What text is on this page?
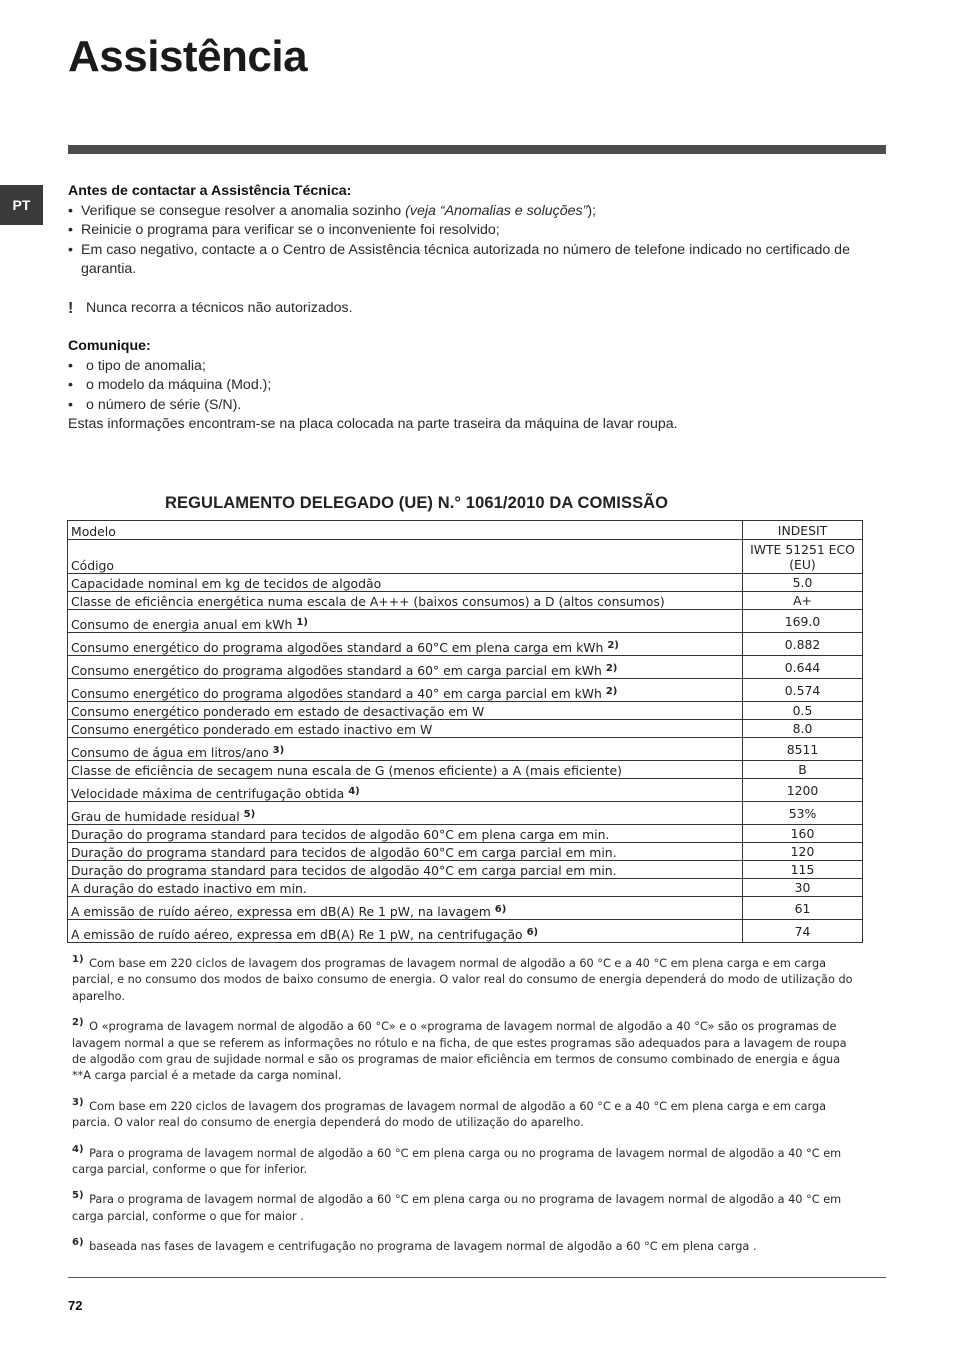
Assistência
PT

Antes de contactar a Assistência Técnica:

• Verifique se consegue resolver a anomalia sozinho (veja “Anomalias e soluções”);
• Reinicie o programa para verificar se o inconveniente foi resolvido;
• Em caso negativo, contacte a o Centro de Assistência técnica autorizada no número de telefone indicado no certificado de garantia.

! Nunca recorra a técnicos não autorizados.

Comunique:

• o tipo de anomalia;
• o modelo da máquina (Mod.);
• o número de série (S/N).

Estas informações encontram-se na placa colocada na parte traseira da máquina de lavar roupa.

REGULAMENTO DELEGADO (UE) N.° 1061/2010 DA COMISSÃO
Modelo	INDESIT
Código	IWTE 51251 ECO (EU)
Capacidade nominal em kg de tecidos de algodão	5.0
Classe de eficiência energética numa escala de A+++ (baixos consumos) a D (altos consumos)	A+
Consumo de energia anual em kWh $^{1)}$	169.0
Consumo energético do programa algodões standard a 60°C em plena carga em kWh $^{2)}$	0.882
Consumo energético do programa algodões standard a 60° em carga parcial em kWh $^{2)}$	0.644
Consumo energético do programa algodões standard a 40° em carga parcial em kWh $^{2)}$	0.574
Consumo energético ponderado em estado de desactivação em W	0.5
Consumo energético ponderado em estado inactivo em W	8.0
Consumo de água em litros/ano $^{3)}$	8511
Classe de eficiência de secagem nuna escala de G (menos eficiente) a A (mais eficiente)	B
Velocidade máxima de centrifugação obtida $^{4)}$	1200
Grau de humidade residual $^{5)}$	53%
Duração do programa standard para tecidos de algodão 60°C em plena carga em min.	160
Duração do programa standard para tecidos de algodão 60°C em carga parcial em min.	120
Duração do programa standard para tecidos de algodão 40°C em carga parcial em min.	115
A duração do estado inactivo em min.	30
A emissão de ruído aéreo, expressa em dB(A) Re 1 pW, na lavagem $^{6)}$	61
A emissão de ruído aéreo, expressa em dB(A) Re 1 pW, na centrifugação $^{6)}$	74

$^{1)}$ Com base em 220 ciclos de lavagem dos programas de lavagem normal de algodão a 60 °C e a 40 °C em plena carga e em carga parcial, e no consumo dos modos de baixo consumo de energia. O valor real do consumo de energia dependerá do modo de utilização do aparelho.

$^{2)}$ O «programa de lavagem normal de algodão a 60 °C» e o «programa de lavagem normal de algodão a 40 °C» são os programas de lavagem normal a que se referem as informações no rótulo e na ficha, de que estes programas são adequados para a lavagem de roupa de algodão com grau de sujidade normal e são os programas de maior eficiência em termos de consumo combinado de energia e água **A carga parcial é a metade da carga nominal.

$^{3)}$ Com base em 220 ciclos de lavagem dos programas de lavagem normal de algodão a 60 °C e a 40 °C em plena carga e em carga parcia. O valor real do consumo de energia dependerá do modo de utilização do aparelho.

$^{4)}$ Para o programa de lavagem normal de algodão a 60 °C em plena carga ou no programa de lavagem normal de algodão a 40 °C em carga parcial, conforme o que for inferior.

$^{5)}$ Para o programa de lavagem normal de algodão a 60 °C em plena carga ou no programa de lavagem normal de algodão a 40 °C em carga parcial, conforme o que for maior .

$^{6)}$ baseada nas fases de lavagem e centrifugação no programa de lavagem normal de algodão a 60 °C em plena carga .

72
